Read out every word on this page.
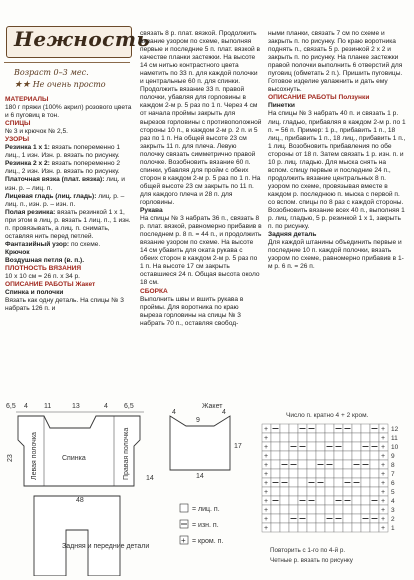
Нежность
Возраст 0–3 мес.
★★ Не очень просто

МАТЕРИАЛЫ

180 г пряжи (100% акрил) розового цвета и 6 пуговиц в тон.

СПИЦЫ

№ 3 и крючок № 2,5.

УЗОРЫ

Резинка 1 х 1: вязать попеременно 1 лиц., 1 изн. Изн. р. вязать по рисунку.

Резинка 2 х 2: вязать попеременно 2 лиц., 2 изн. Изн. р. вязать по рисунку.

Платочная вязка (плат. вязка): лиц. и изн. р. – лиц. п.

Лицевая гладь (лиц. гладь): лиц. р. – лиц. п., изн. р. – изн. п.

Полая резинка: вязать резинкой 1 х 1, при этом в лиц. р. вязать 1 лиц. п., 1 изн. п. провязывать, а лиц. п. снимать, оставляя нить перед петлей.

Фантазийный узор: по схеме.

Крючок

Воздушная петля (в. п.).

ПЛОТНОСТЬ ВЯЗАНИЯ

10 х 10 см = 26 п. х 34 р.

ОПИСАНИЕ РАБОТЫ Жакет

Спинка и полочки

Вязать как одну деталь. На спицы № 3 набрать 126 п. и

связать 8 р. плат. вязкой. Продолжить вязание узором по схеме, выполняя первые и последние 5 п. плат. вязкой в качестве планки застежки. На высоте 14 см нитью контрастного цвета наметить по 33 п. для каждой полочки и центральные 60 п. для спинки. Продолжить вязание 33 п. правой полочки, убавляя для горловины в каждом 2-м р. 5 раз по 1 п. Через 4 см от начала проймы закрыть для вырезов горловины с противоположной стороны 10 п., в каждом 2-м р. 2 п. и 5 раз по 1 п. На общей высоте 23 см закрыть 11 п. для плеча. Левую полочку связать симметрично правой полочке. Возобновить вязание 60 п. спинки, убавляя для пройм с обеих сторон в каждом 2-м р. 5 раз по 1 п. На общей высоте 23 см закрыть по 11 п. для каждого плеча и 28 п. для горловины.

Рукава

На спицы № 3 набрать 36 п., связать 8 р. плат. вязкой, равномерно прибавив в последнем р. 8 п. = 44 п., и продолжить вязание узором по схеме. На высоте 14 см убавить для оката рукава с обеих сторон в каждом 2-м р. 5 раз по 1 п. На высоте 17 см закрыть оставшиеся 24 п. Общая высота около 18 см.

СБОРКА

Выполнить швы и вшить рукава в проймы. Для воротника по краю выреза горловины на спицы № 3 набрать 70 п., оставляя свобод-

ными планки, связать 7 см по схеме и закрыть п. по рисунку. По краю воротника поднять п., связать 5 р. резинкой 2 х 2 и закрыть п. по рисунку. На планке застежки правой полочки выполнить 6 отверстий для пуговиц (обметать 2 п.). Пришить пуговицы. Готовое изделие увлажнить и дать ему высохнуть.

ОПИСАНИЕ РАБОТЫ Ползунки

Пинетки

На спицы № 3 набрать 40 п. и связать 1 р. лиц. гладью, прибавляя в каждом 2-м р. по 1 п. = 56 п. Пример: 1 р., прибавить 1 п., 18 лиц., прибавить 1 п., 18 лиц., прибавить 1 п., 1 лиц. Возобновить прибавления по обе стороны от 18 п. Затем связать 1 р. изн. п. и 10 р. лиц. гладью. Для мыска снять на вспом. спицу первые и последние 24 п., продолжить вязание центральных 8 п. узором по схеме, провязывая вместе в каждом р. последнюю п. мыска с первой п. со вспом. спицы по 8 раз с каждой стороны. Возобновить вязание всех 40 п., выполняя 1 р. лиц. гладью, 5 р. резинкой 1 х 1, закрыть п. по рисунку.

Задняя деталь

Для каждой штанины объединить первые и последние 10 п. каждой полочки, вязать узором по схеме, равномерно прибавив в 1-м р. 6 п. = 26 п.

6,5 4 11	13	4 6,5
Спинка
Левая полочка	Правая полочка
23
14
48
Задняя и передние детали
Жакет
4
9
4
17
14
= лиц. п.
= изн. п.
+ = кром. п.
Число п. кратно 4 + 2 кром.
+	+ 12
+	+ 11
+	+ 10
+	+ 9
+	+ 8
+	+ 7
+	+ 6
+	+ 5
+	+ 4
+	+ 3
+	+ 2
+	+ 1
Повторить с 1-го по 4-й р.
Четные р. вязать по рисунку
